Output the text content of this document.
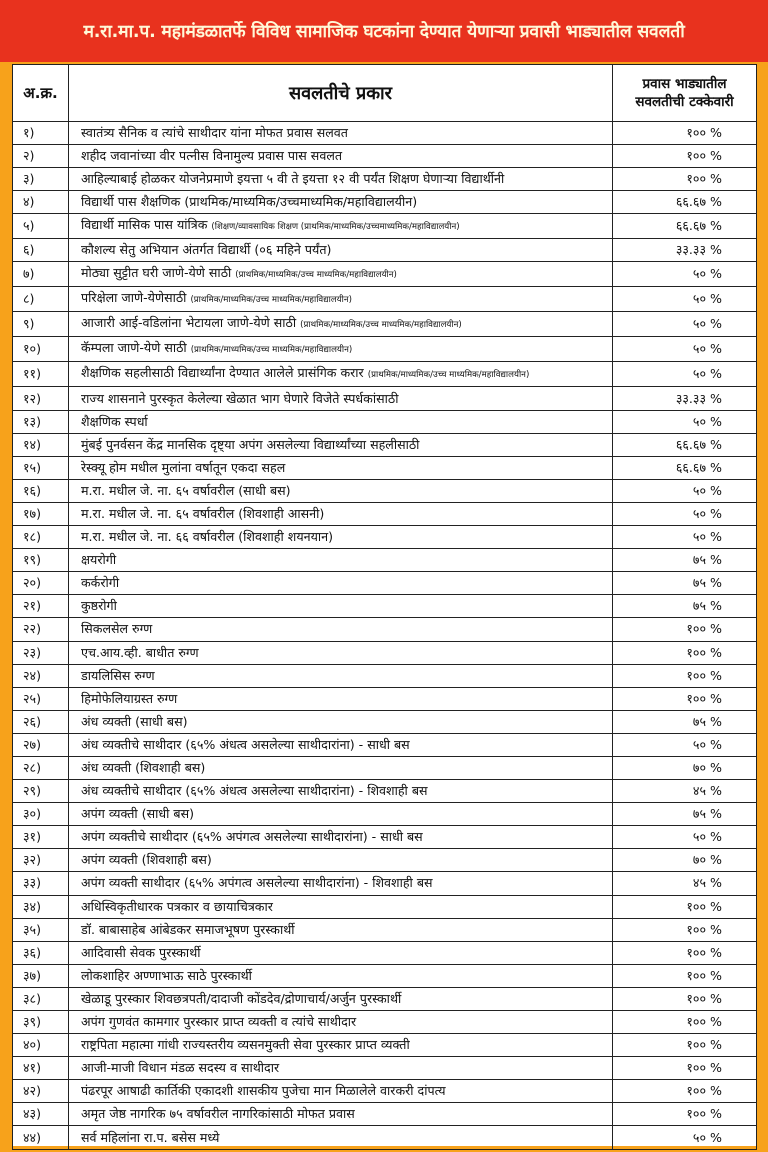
म.रा.मा.प. महामंडळातर्फे विविध सामाजिक घटकांना देण्यात येणाऱ्या प्रवासी भाड्यातील सवलती
अ.क्र.	सवलतीचे प्रकार	प्रवास भाड्यातील सवलतीची टक्केवारी
१)	स्वातंत्र्य सैनिक व त्यांचे साथीदार यांना मोफत प्रवास सलवत	१०० %
२)	शहीद जवानांच्या वीर पत्नीस विनामुल्य प्रवास पास सवलत	१०० %
३)	आहिल्याबाई होळकर योजनेप्रमाणे इयत्ता ५ वी ते इयत्ता १२ वी पर्यंत शिक्षण घेणाऱ्या विद्यार्थीनी	१०० %
४)	विद्यार्थी पास शैक्षणिक (प्राथमिक/माध्यमिक/उच्चमाध्यमिक/महाविद्यालयीन)	६६.६७ %
५)	विद्यार्थी मासिक पास यांत्रिक (शिक्षण/व्यावसायिक शिक्षण (प्राथमिक/माध्यमिक/उच्चमाध्यमिक/महाविद्यालयीन)	६६.६७ %
६)	कौशल्य सेतु अभियान अंतर्गत विद्यार्थी (०६ महिने पर्यंत)	३३.३३ %
७)	मोठ्या सुट्टीत घरी जाणे-येणे साठी (प्राथमिक/माध्यमिक/उच्च माध्यमिक/महाविद्यालयीन)	५० %
८)	परिक्षेला जाणे-येणेसाठी (प्राथमिक/माध्यमिक/उच्च माध्यमिक/महाविद्यालयीन)	५० %
९)	आजारी आई-वडिलांना भेटायला जाणे-येणे साठी (प्राथमिक/माध्यमिक/उच्च माध्यमिक/महाविद्यालयीन)	५० %
१०)	कॅम्पला जाणे-येणे साठी (प्राथमिक/माध्यमिक/उच्च माध्यमिक/महाविद्यालयीन)	५० %
११)	शैक्षणिक सहलीसाठी विद्यार्थ्यांना देण्यात आलेले प्रासंगिक करार (प्राथमिक/माध्यमिक/उच्च माध्यमिक/महाविद्यालयीन)	५० %
१२)	राज्य शासनाने पुरस्कृत केलेल्या खेळात भाग घेणारे विजेते स्पर्धकांसाठी	३३.३३ %
१३)	शैक्षणिक स्पर्धा	५० %
१४)	मुंबई पुनर्वसन केंद्र मानसिक दृष्ट्या अपंग असलेल्या विद्यार्थ्यांच्या सहलीसाठी	६६.६७ %
१५)	रेस्क्यू होम मधील मुलांना वर्षातून एकदा सहल	६६.६७ %
१६)	म.रा. मधील जे. ना. ६५ वर्षावरील (साधी बस)	५० %
१७)	म.रा. मधील जे. ना. ६५ वर्षावरील (शिवशाही आसनी)	५० %
१८)	म.रा. मधील जे. ना. ६६ वर्षावरील (शिवशाही शयनयान)	५० %
१९)	क्षयरोगी	७५ %
२०)	कर्करोगी	७५ %
२१)	कुष्ठरोगी	७५ %
२२)	सिकलसेल रुग्ण	१०० %
२३)	एच.आय.व्ही. बाधीत रुग्ण	१०० %
२४)	डायलिसिस रुग्ण	१०० %
२५)	हिमोफेलियाग्रस्त रुग्ण	१०० %
२६)	अंध व्यक्ती (साधी बस)	७५ %
२७)	अंध व्यक्तीचे साथीदार (६५% अंधत्व असलेल्या साथीदारांना) - साधी बस	५० %
२८)	अंध व्यक्ती (शिवशाही बस)	७० %
२९)	अंध व्यक्तीचे साथीदार (६५% अंधत्व असलेल्या साथीदारांना) - शिवशाही बस	४५ %
३०)	अपंग व्यक्ती (साधी बस)	७५ %
३१)	अपंग व्यक्तीचे साथीदार (६५% अपंगत्व असलेल्या साथीदारांना) - साधी बस	५० %
३२)	अपंग व्यक्ती (शिवशाही बस)	७० %
३३)	अपंग व्यक्ती साथीदार (६५% अपंगत्व असलेल्या साथीदारांना) - शिवशाही बस	४५ %
३४)	अधिस्विकृतीधारक पत्रकार व छायाचित्रकार	१०० %
३५)	डॉ. बाबासाहेब आंबेडकर समाजभूषण पुरस्कार्थी	१०० %
३६)	आदिवासी सेवक पुरस्कार्थी	१०० %
३७)	लोकशाहिर अण्णाभाऊ साठे पुरस्कार्थी	१०० %
३८)	खेळाडू पुरस्कार शिवछत्रपती/दादाजी कोंडदेव/द्रोणाचार्य/अर्जुन पुरस्कार्थी	१०० %
३९)	अपंग गुणवंत कामगार पुरस्कार प्राप्त व्यक्ती व त्यांचे साथीदार	१०० %
४०)	राष्ट्रपिता महात्मा गांधी राज्यस्तरीय व्यसनमुक्ती सेवा पुरस्कार प्राप्त व्यक्ती	१०० %
४१)	आजी-माजी विधान मंडळ सदस्य व साथीदार	१०० %
४२)	पंढरपूर आषाढी कार्तिकी एकादशी शासकीय पुजेचा मान मिळालेले वारकरी दांपत्य	१०० %
४३)	अमृत जेष्ठ नागरिक ७५ वर्षावरील नागरिकांसाठी मोफत प्रवास	१०० %
४४)	सर्व महिलांना रा.प. बसेस मध्ये	५० %
